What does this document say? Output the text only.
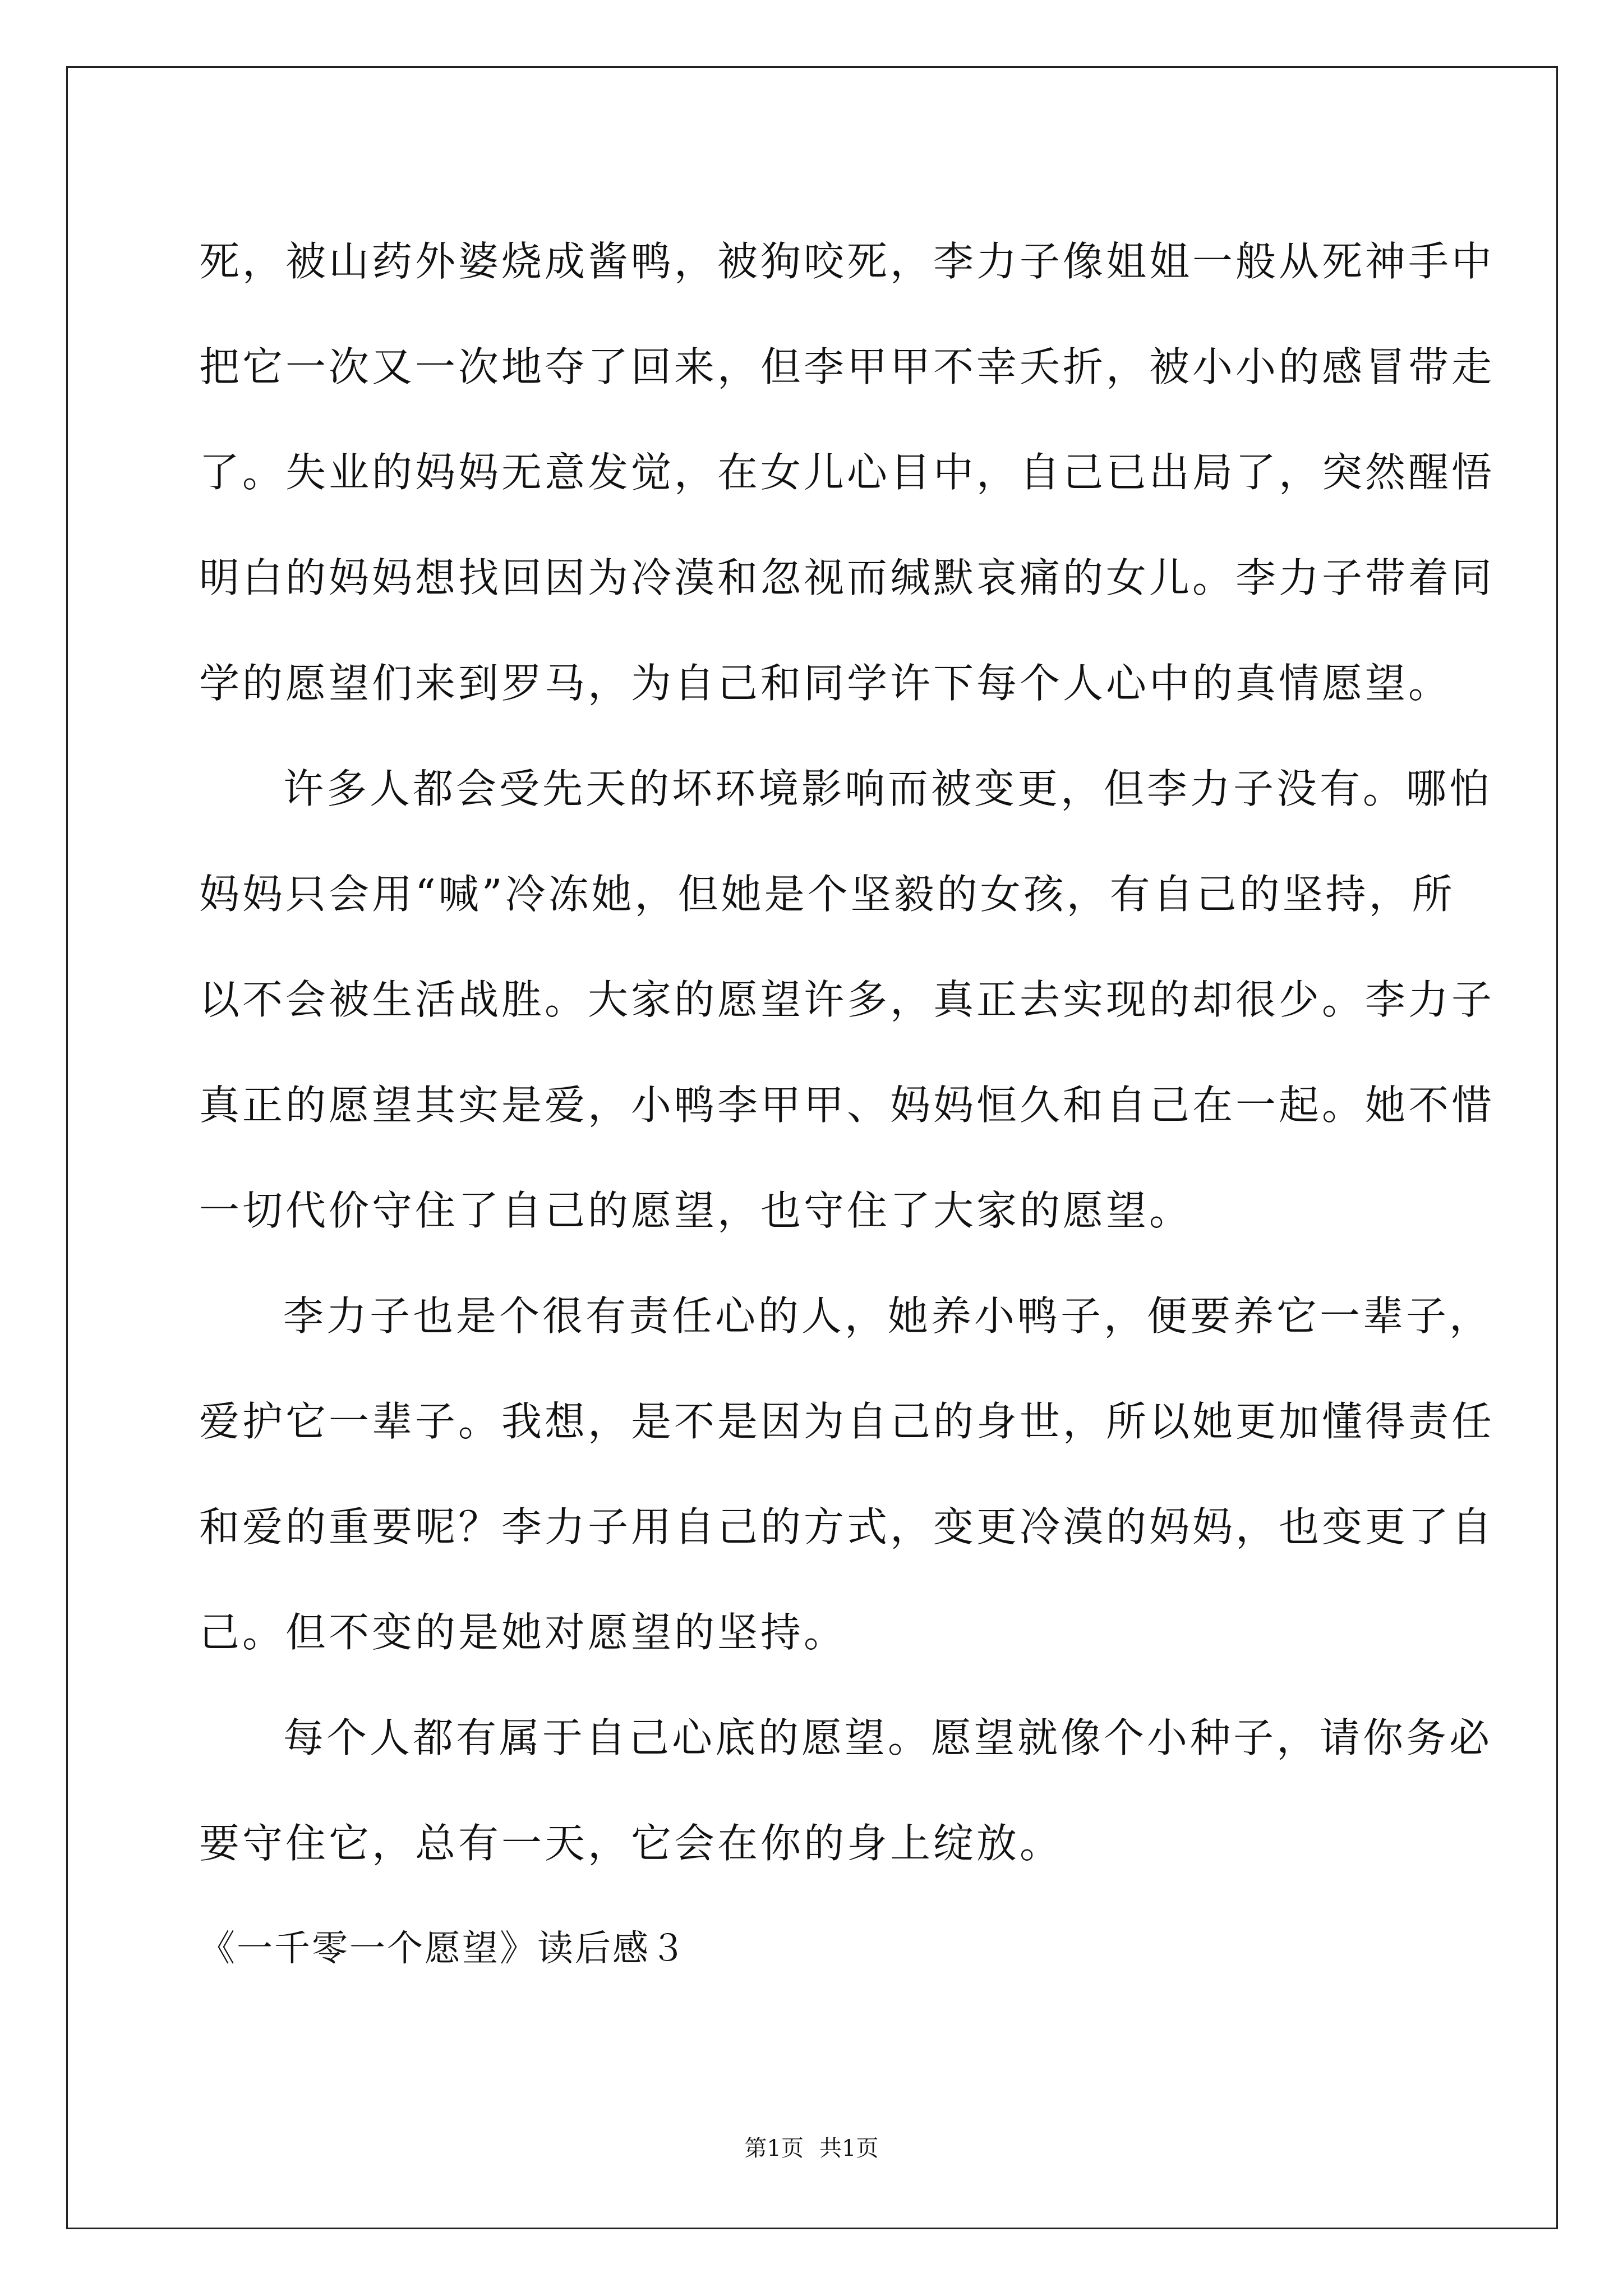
死，被山药外婆烧成酱鸭，被狗咬死，李力子像姐姐一般从死神手中
把它一次又一次地夺了回来，但李甲甲不幸夭折，被小小的感冒带走
了。失业的妈妈无意发觉，在女儿心目中，自己已出局了，突然醒悟
明白的妈妈想找回因为冷漠和忽视而缄默哀痛的女儿。李力子带着同
学的愿望们来到罗马，为自己和同学许下每个人心中的真情愿望。
许多人都会受先天的坏环境影响而被变更，但李力子没有。哪怕
妈妈只会用“喊”冷冻她，但她是个坚毅的女孩，有自己的坚持，所
以不会被生活战胜。大家的愿望许多，真正去实现的却很少。李力子
真正的愿望其实是爱，小鸭李甲甲、妈妈恒久和自己在一起。她不惜
一切代价守住了自己的愿望，也守住了大家的愿望。
李力子也是个很有责任心的人，她养小鸭子，便要养它一辈子，
爱护它一辈子。我想，是不是因为自己的身世，所以她更加懂得责任
和爱的重要呢？李力子用自己的方式，变更冷漠的妈妈，也变更了自
己。但不变的是她对愿望的坚持。
每个人都有属于自己心底的愿望。愿望就像个小种子，请你务必
要守住它，总有一天，它会在你的身上绽放。
《一千零一个愿望》读后感３
第1页 共1页
